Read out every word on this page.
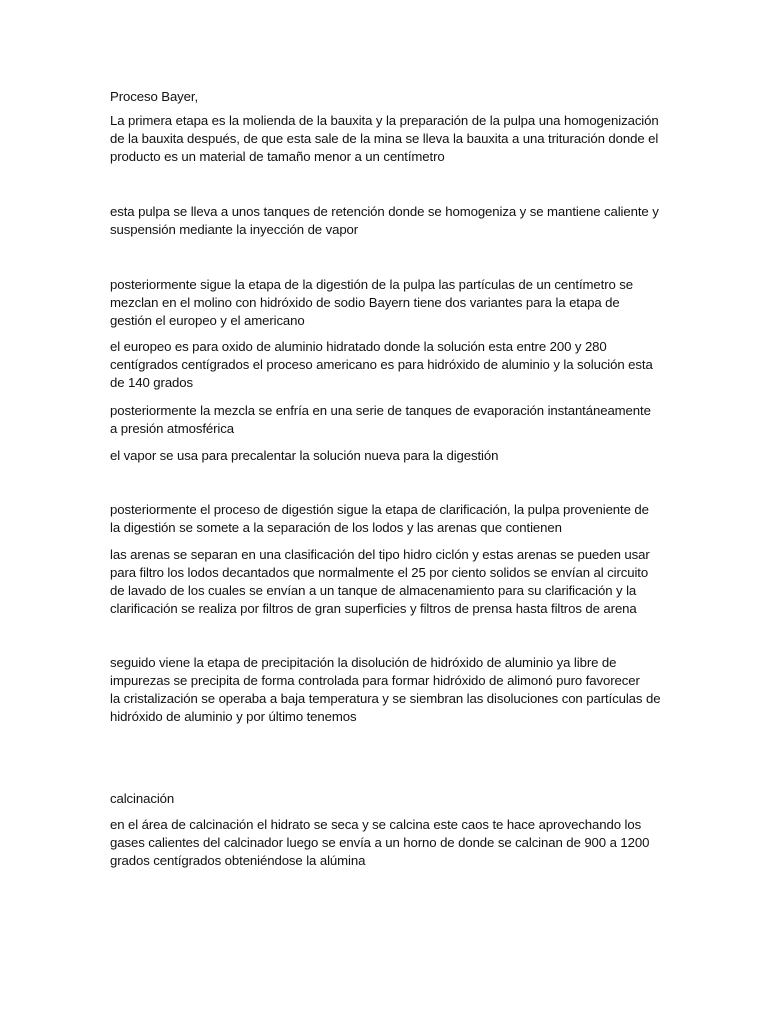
Proceso Bayer,

La primera etapa es la molienda de la bauxita y la preparación de la pulpa una homogenización
de la bauxita después, de que esta sale de la mina se lleva la bauxita a una trituración donde el
producto es un material de tamaño menor a un centímetro

esta pulpa se lleva a unos tanques de retención donde se homogeniza y se mantiene caliente y
suspensión mediante la inyección de vapor

posteriormente sigue la etapa de la digestión de la pulpa las partículas de un centímetro se
mezclan en el molino con hidróxido de sodio Bayern tiene dos variantes para la etapa de
gestión el europeo y el americano

el europeo es para oxido de aluminio hidratado donde la solución esta entre 200 y 280
centígrados centígrados el proceso americano es para hidróxido de aluminio y la solución esta
de 140 grados

posteriormente la mezcla se enfría en una serie de tanques de evaporación instantáneamente
a presión atmosférica

el vapor se usa para precalentar la solución nueva para la digestión

posteriormente el proceso de digestión sigue la etapa de clarificación, la pulpa proveniente de
la digestión se somete a la separación de los lodos y las arenas que contienen

las arenas se separan en una clasificación del tipo hidro ciclón y estas arenas se pueden usar
para filtro los lodos decantados que normalmente el 25 por ciento solidos se envían al circuito
de lavado de los cuales se envían a un tanque de almacenamiento para su clarificación y la
clarificación se realiza por filtros de gran superficies y filtros de prensa hasta filtros de arena

seguido viene la etapa de precipitación la disolución de hidróxido de aluminio ya libre de
impurezas se precipita de forma controlada para formar hidróxido de alimonó puro favorecer
la cristalización se operaba a baja temperatura y se siembran las disoluciones con partículas de
hidróxido de aluminio y por último tenemos

calcinación

en el área de calcinación el hidrato se seca y se calcina este caos te hace aprovechando los
gases calientes del calcinador luego se envía a un horno de donde se calcinan de 900 a 1200
grados centígrados obteniéndose la alúmina
